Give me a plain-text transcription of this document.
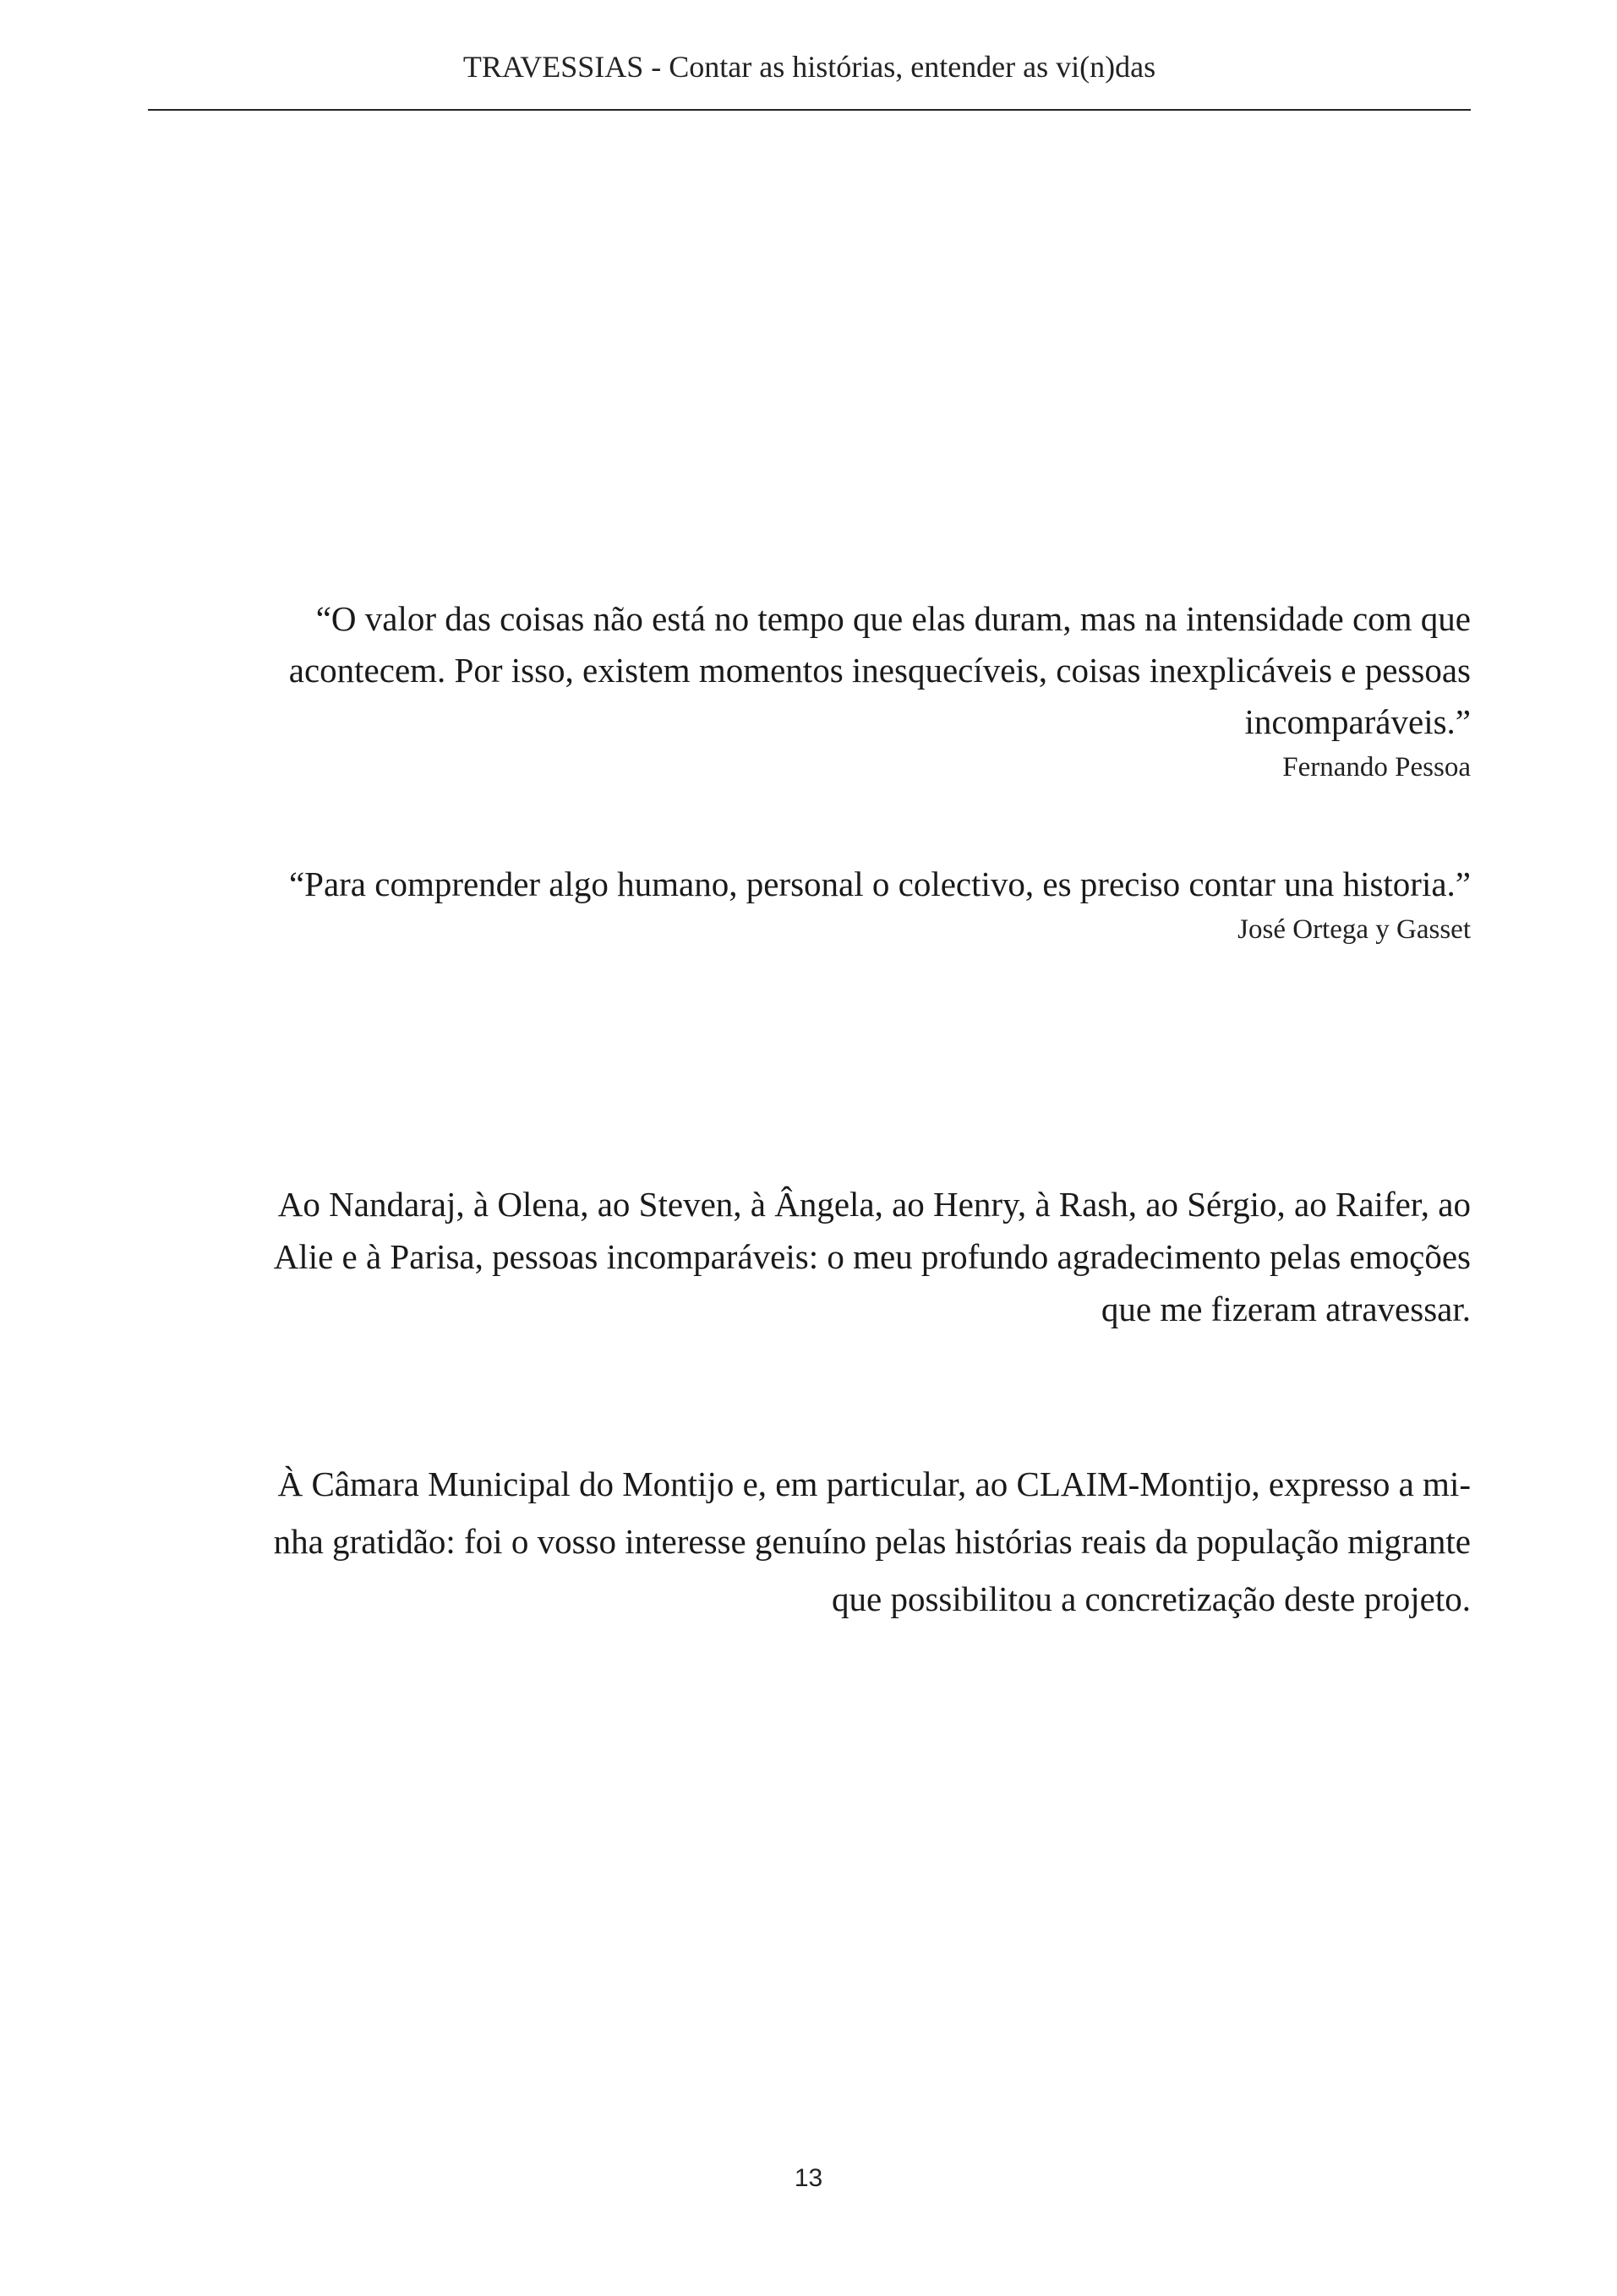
TRAVESSIAS - Contar as histórias, entender as vi(n)das

“O valor das coisas não está no tempo que elas duram, mas na intensidade com que
acontecem. Por isso, existem momentos inesquecíveis, coisas inexplicáveis e pessoas
incomparáveis.”

Fernando Pessoa

“Para comprender algo humano, personal o colectivo, es preciso contar una historia.”

José Ortega y Gasset

Ao Nandaraj, à Olena, ao Steven, à Ângela, ao Henry, à Rash, ao Sérgio, ao Raifer, ao
Alie e à Parisa, pessoas incomparáveis: o meu profundo agradecimento pelas emoções
que me fizeram atravessar.

À Câmara Municipal do Montijo e, em particular, ao CLAIM-Montijo, expresso a mi-
nha gratidão: foi o vosso interesse genuíno pelas histórias reais da população migrante
que possibilitou a concretização deste projeto.

13
